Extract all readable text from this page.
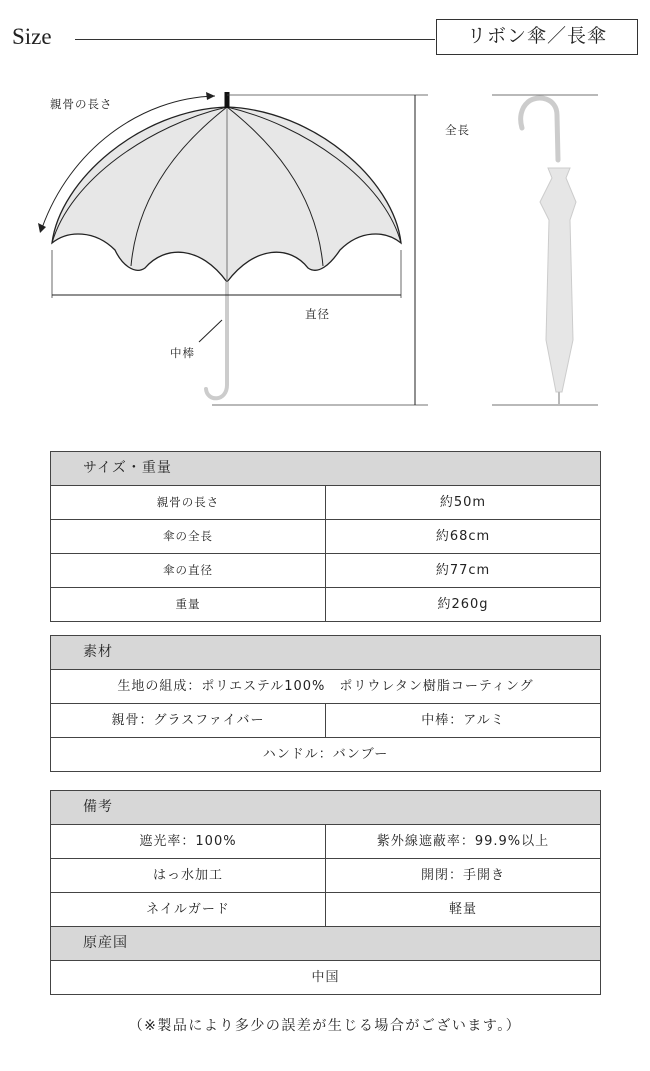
Size	リボン傘／長傘
親骨の長さ
全長
直径
中棒
サイズ・重量
親骨の長さ	約50m
傘の全長	約68cm
傘の直径	約77cm
重量	約260g
素材
生地の組成：ポリエステル100%　ポリウレタン樹脂コーティング
親骨：グラスファイバー	中棒：アルミ
ハンドル：バンブー
備考
遮光率：100%	紫外線遮蔽率：99.9%以上
はっ水加工	開閉：手開き
ネイルガード	軽量
原産国
中国
（※製品により多少の誤差が生じる場合がございます。）
